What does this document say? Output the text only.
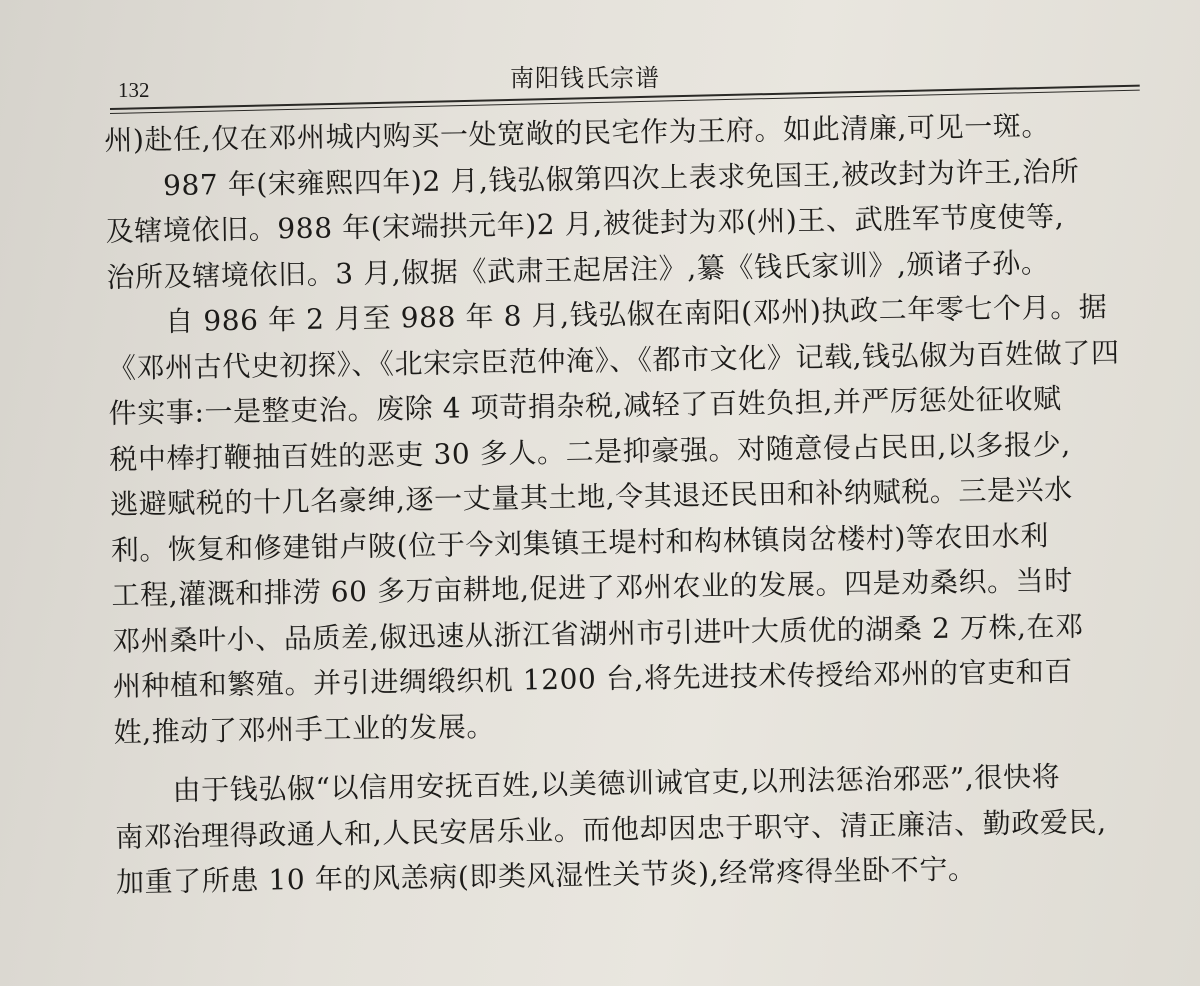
132	南阳钱氏宗谱
州)赴任,仅在邓州城内购买一处宽敞的民宅作为王府。如此清廉,可见一斑。
987 年(宋雍熙四年)2 月,钱弘俶第四次上表求免国王,被改封为许王,治所
及辖境依旧。988 年(宋端拱元年)2 月,被徙封为邓(州)王、武胜军节度使等,
治所及辖境依旧。3 月,俶据《武肃王起居注》,纂《钱氏家训》,颁诸子孙。
自 986 年 2 月至 988 年 8 月,钱弘俶在南阳(邓州)执政二年零七个月。据
《邓州古代史初探》、《北宋宗臣范仲淹》、《都市文化》记载,钱弘俶为百姓做了四
件实事:一是整吏治。废除 4 项苛捐杂税,减轻了百姓负担,并严厉惩处征收赋
税中棒打鞭抽百姓的恶吏 30 多人。二是抑豪强。对随意侵占民田,以多报少,
逃避赋税的十几名豪绅,逐一丈量其土地,令其退还民田和补纳赋税。三是兴水
利。恢复和修建钳卢陂(位于今刘集镇王堤村和构林镇岗岔楼村)等农田水利
工程,灌溉和排涝 60 多万亩耕地,促进了邓州农业的发展。四是劝桑织。当时
邓州桑叶小、品质差,俶迅速从浙江省湖州市引进叶大质优的湖桑 2 万株,在邓
州种植和繁殖。并引进绸缎织机 1200 台,将先进技术传授给邓州的官吏和百
姓,推动了邓州手工业的发展。
由于钱弘俶“以信用安抚百姓,以美德训诫官吏,以刑法惩治邪恶”,很快将
南邓治理得政通人和,人民安居乐业。而他却因忠于职守、清正廉洁、勤政爱民,
加重了所患 10 年的风恙病(即类风湿性关节炎),经常疼得坐卧不宁。
